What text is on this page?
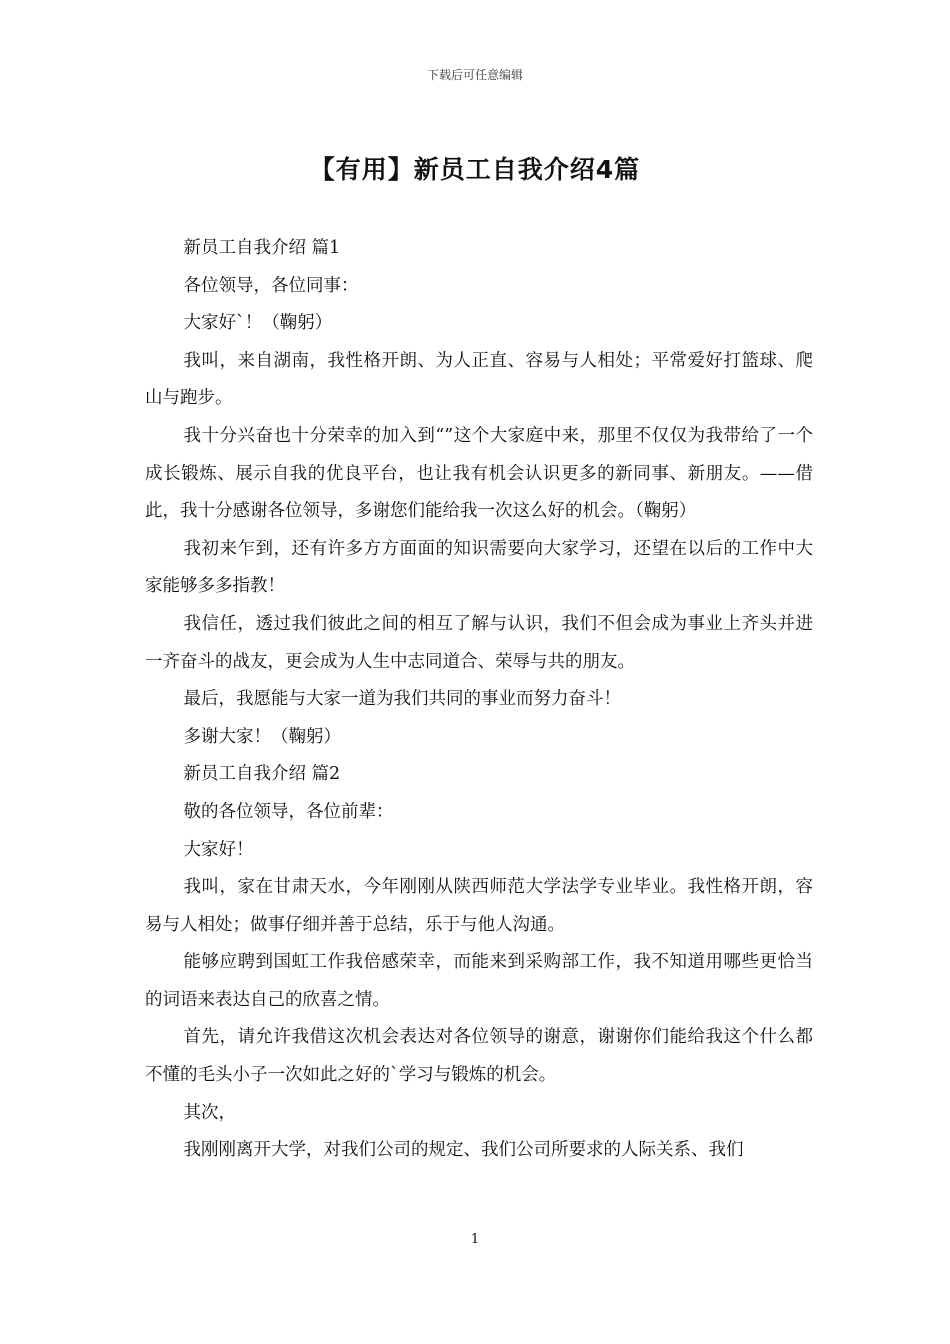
下载后可任意编辑
【有用】新员工自我介绍4篇

新员工自我介绍 篇1

各位领导，各位同事：

大家好`！（鞠躬）

我叫，来自湖南，我性格开朗、为人正直、容易与人相处；平常爱好打篮球、爬山与跑步。

我十分兴奋也十分荣幸的加入到“”这个大家庭中来，那里不仅仅为我带给了一个成长锻炼、展示自我的优良平台，也让我有机会认识更多的新同事、新朋友。——借此，我十分感谢各位领导，多谢您们能给我一次这么好的机会。（鞠躬）

我初来乍到，还有许多方方面面的知识需要向大家学习，还望在以后的工作中大家能够多多指教！

我信任，透过我们彼此之间的相互了解与认识，我们不但会成为事业上齐头并进一齐奋斗的战友，更会成为人生中志同道合、荣辱与共的朋友。

最后，我愿能与大家一道为我们共同的事业而努力奋斗！

多谢大家！（鞠躬）

新员工自我介绍 篇2

敬的各位领导，各位前辈：

大家好！

我叫，家在甘肃天水，今年刚刚从陕西师范大学法学专业毕业。我性格开朗，容易与人相处；做事仔细并善于总结，乐于与他人沟通。

能够应聘到国虹工作我倍感荣幸，而能来到采购部工作，我不知道用哪些更恰当的词语来表达自己的欣喜之情。

首先，请允许我借这次机会表达对各位领导的谢意，谢谢你们能给我这个什么都不懂的毛头小子一次如此之好的`学习与锻炼的机会。

其次，

我刚刚离开大学，对我们公司的规定、我们公司所要求的人际关系、我们

1
